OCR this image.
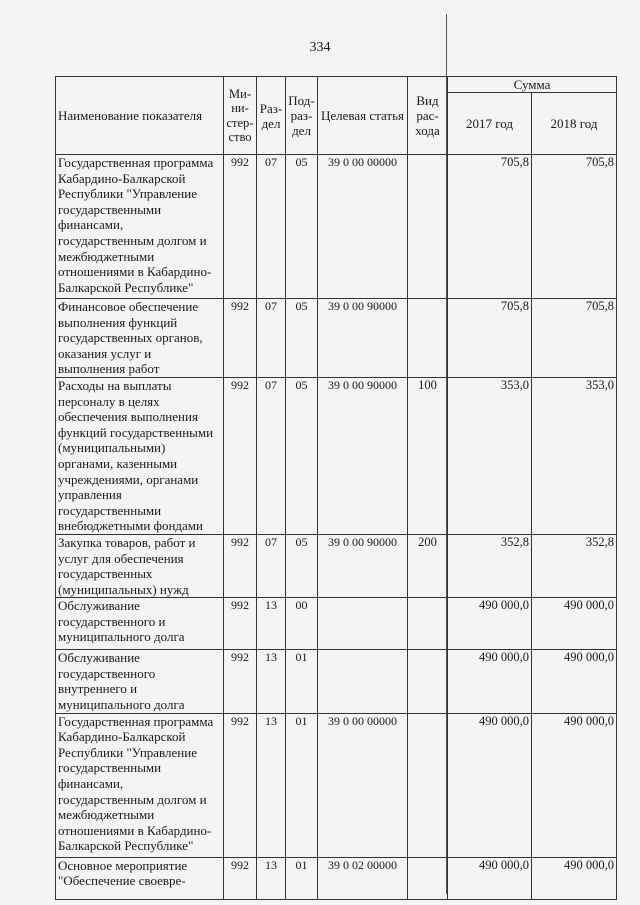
334
Наименование показателя	Ми-ни-стер-ство	Раз-дел	Под-раз-дел	Целевая статья	Вид рас-хода	Сумма	
						2017 год	2018 год
Государственная программа Кабардино-Балкарской Республики "Управление государственными финансами, государственным долгом и межбюджетными отношениями в Кабардино-Балкарской Республике"	992	07	05	39 0 00 00000		705,8	705,8
Финансовое обеспечение выполнения функций государственных органов, оказания услуг и выполнения работ	992	07	05	39 0 00 90000		705,8	705,8
Расходы на выплаты персоналу в целях обеспечения выполнения функций государственными (муниципальными) органами, казенными учреждениями, органами управления государственными внебюджетными фондами	992	07	05	39 0 00 90000	100	353,0	353,0
Закупка товаров, работ и услуг для обеспечения государственных (муниципальных) нужд	992	07	05	39 0 00 90000	200	352,8	352,8
Обслуживание государственного и муниципального долга	992	13	00			490 000,0	490 000,0
Обслуживание государственного внутреннего и муниципального долга	992	13	01			490 000,0	490 000,0
Государственная программа Кабардино-Балкарской Республики "Управление государственными финансами, государственным долгом и межбюджетными отношениями в Кабардино-Балкарской Республике"	992	13	01	39 0 00 00000		490 000,0	490 000,0
Основное мероприятие "Обеспечение своевре-	992	13	01	39 0 02 00000		490 000,0	490 000,0
